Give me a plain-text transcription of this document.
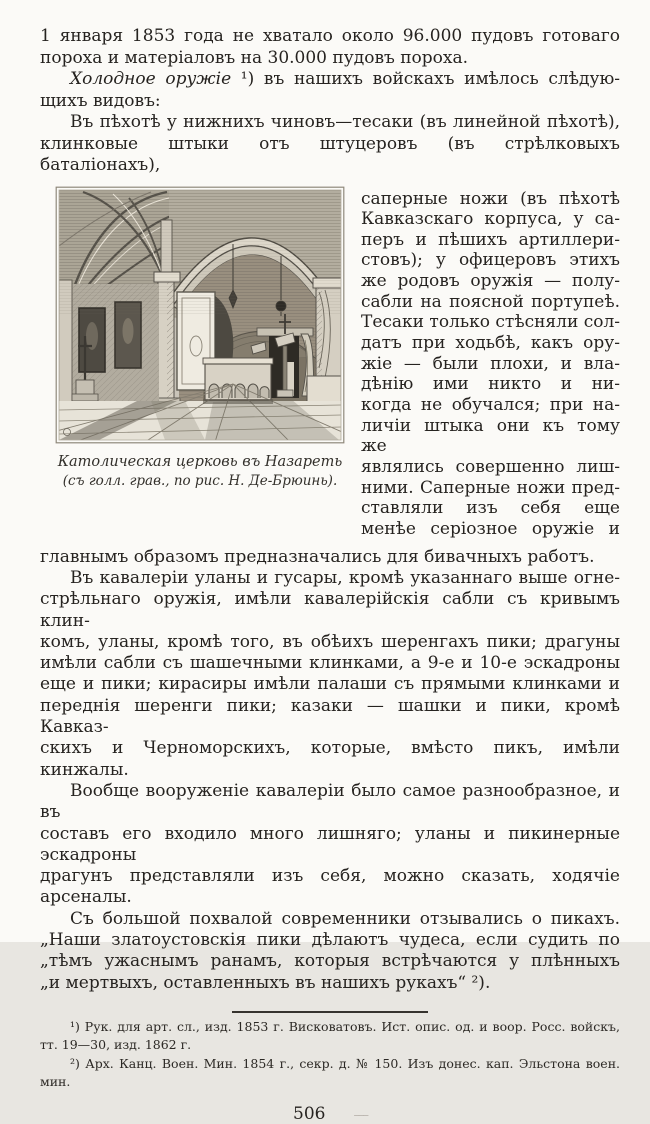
1 января 1853 года не хватало около 96.000 пудовъ готоваго
пороха и матеріаловъ на 30.000 пудовъ пороха.
Холодное оружіе ¹) въ нашихъ войскахъ имѣлось слѣдую-
щихъ видовъ:
Въ пѣхотѣ у нижнихъ чиновъ—тесаки (въ линейной пѣхотѣ),
клинковые штыки отъ штуцеровъ (въ стрѣлковыхъ баталіонахъ),
Католическая церковь въ Назареть
(съ голл. грав., по рис. Н. Де-Брюинь).
саперные ножи (въ пѣхотѣ
Кавказскаго корпуса, у са-
перъ и пѣшихъ артиллери-
стовъ); у офицеровъ этихъ
же родовъ оружія — полу-
сабли на поясной портупеѣ.
Тесаки только стѣсняли сол-
датъ при ходьбѣ, какъ ору-
жіе — были плохи, и вла-
дѣнію ими никто и ни-
когда не обучался; при на-
личіи штыка они къ тому же
являлись совершенно лиш-
ними. Саперные ножи пред-
ставляли изъ себя еще
менѣе серіозное оружіе и
главнымъ образомъ предназначались для бивачныхъ работъ.
Въ кавалеріи уланы и гусары, кромѣ указаннаго выше огне-
стрѣльнаго оружія, имѣли кавалерійскія сабли съ кривымъ клин-
комъ, уланы, кромѣ того, въ обѣихъ шеренгахъ пики; драгуны
имѣли сабли съ шашечными клинками, а 9-е и 10-е эскадроны
еще и пики; кирасиры имѣли палаши съ прямыми клинками и
переднія шеренги пики; казаки — шашки и пики, кромѣ Кавказ-
скихъ и Черноморскихъ, которые, вмѣсто пикъ, имѣли кинжалы.
Вообще вооруженіе кавалеріи было самое разнообразное, и въ
составъ его входило много лишняго; уланы и пикинерные эскадроны
драгунъ представляли изъ себя, можно сказать, ходячіе арсеналы.
Съ большой похвалой современники отзывались о пикахъ.
„Наши златоустовскія пики дѣлаютъ чудеса, если судить по
„тѣмъ ужаснымъ ранамъ, которыя встрѣчаются у плѣнныхъ
„и мертвыхъ, оставленныхъ въ нашихъ рукахъ“ ²).
¹) Рук. для арт. сл., изд. 1853 г. Висковатовъ. Ист. опис. од. и воор. Росс. войскъ,
тт. 19—30, изд. 1862 г.
²) Арх. Канц. Воен. Мин. 1854 г., секр. д. № 150. Изъ донес. кап. Эльстона воен. мин.
506 –––
